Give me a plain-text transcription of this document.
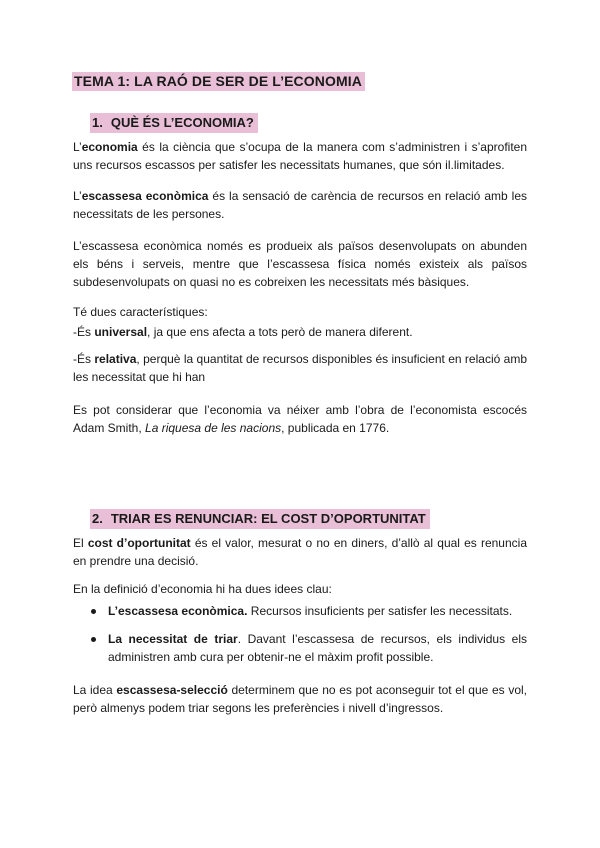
TEMA 1: LA RAÓ DE SER DE L’ECONOMIA
1. QUÈ ÉS L’ECONOMIA?
L’economia és la ciència que s’ocupa de la manera com s’administren i s’aprofiten uns recursos escassos per satisfer les necessitats humanes, que són il.limitades.
L’escassesa econòmica és la sensació de carència de recursos en relació amb les necessitats de les persones.
L’escassesa econòmica només es produeix als països desenvolupats on abunden els béns i serveis, mentre que l’escassesa física només existeix als països subdesenvolupats on quasi no es cobreixen les necessitats més bàsiques.
Té dues característiques:
-És universal, ja que ens afecta a tots però de manera diferent.
-És relativa, perquè la quantitat de recursos disponibles és insuficient en relació amb les necessitat que hi han
Es pot considerar que l’economia va néixer amb l’obra de l’economista escocés Adam Smith, La riquesa de les nacions, publicada en 1776.
2. TRIAR ES RENUNCIAR: EL COST D’OPORTUNITAT
El cost d’oportunitat és el valor, mesurat o no en diners, d’allò al qual es renuncia en prendre una decisió.
En la definició d’economia hi ha dues idees clau:
L’escassesa econòmica. Recursos insuficients per satisfer les necessitats.
La necessitat de triar. Davant l’escassesa de recursos, els individus els administren amb cura per obtenir-ne el màxim profit possible.
La idea escassesa-selecció determinem que no es pot aconseguir tot el que es vol, però almenys podem triar segons les preferències i nivell d’ingressos.
